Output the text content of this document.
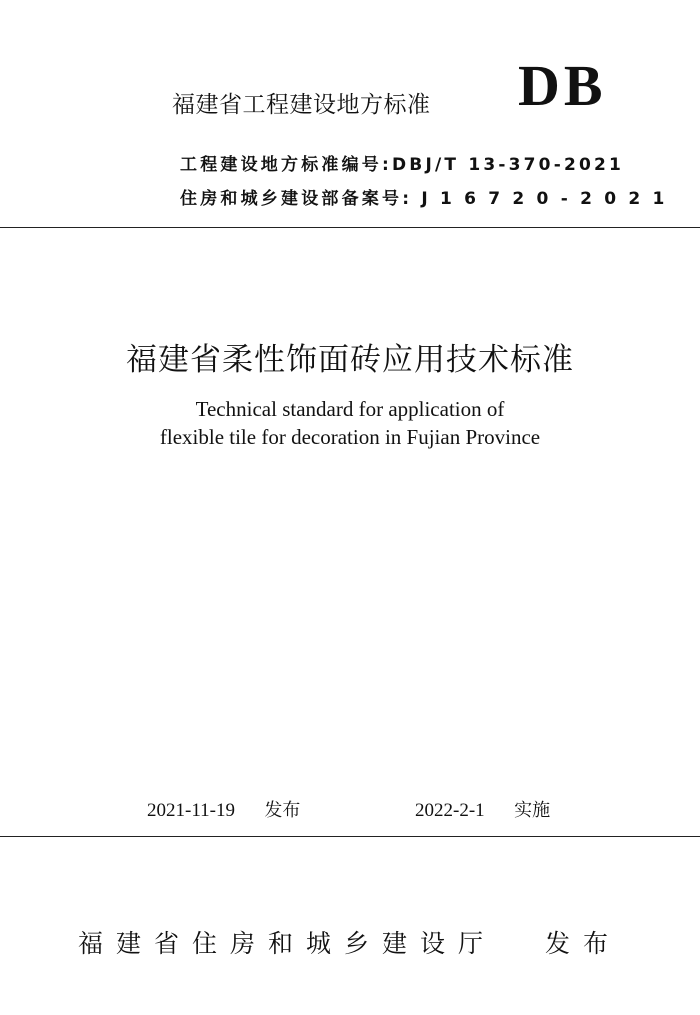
福建省工程建设地方标准 DB
工程建设地方标准编号:DBJ/T 13-370-2021
住房和城乡建设部备案号: J 1 6 7 2 0 - 2 0 2 1
福建省柔性饰面砖应用技术标准
Technical standard for application of
flexible tile for decoration in Fujian Province
2021-11-19 发布	2022-2-1 实施
福建省住房和城乡建设厅 发布
